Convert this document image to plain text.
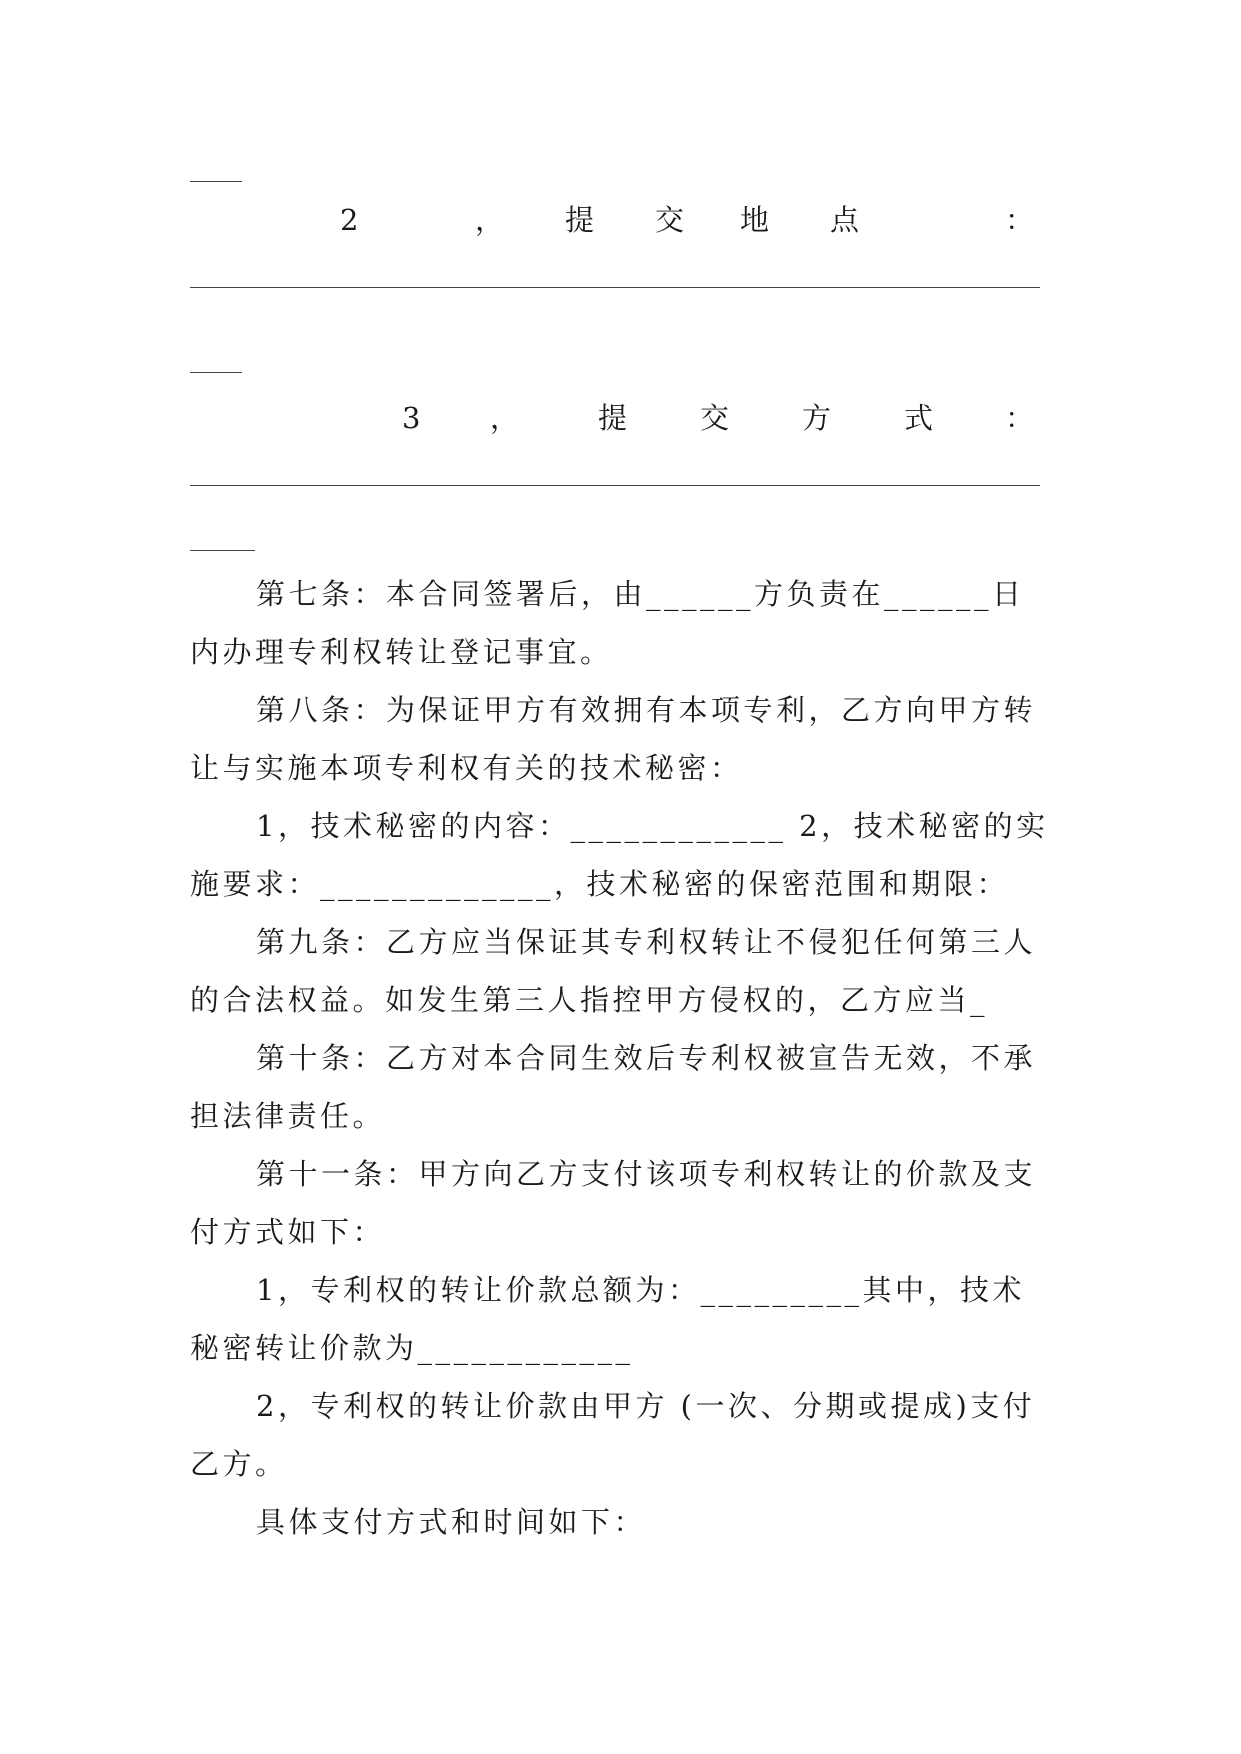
2	， 提 交 地 点	：
3 ，	提	交	方	式 ：

第七条：本合同签署后，由______方负责在______日内办理专利权转让登记事宜。

第八条：为保证甲方有效拥有本项专利，乙方向甲方转让与实施本项专利权有关的技术秘密：

1，技术秘密的内容：____________ 2，技术秘密的实施要求：_____________，技术秘密的保密范围和期限：

第九条：乙方应当保证其专利权转让不侵犯任何第三人的合法权益。如发生第三人指控甲方侵权的，乙方应当_

第十条：乙方对本合同生效后专利权被宣告无效，不承担法律责任。

第十一条：甲方向乙方支付该项专利权转让的价款及支付方式如下：

1，专利权的转让价款总额为：_________其中，技术秘密转让价款为____________

2，专利权的转让价款由甲方 (一次、分期或提成)支付乙方。

具体支付方式和时间如下：
